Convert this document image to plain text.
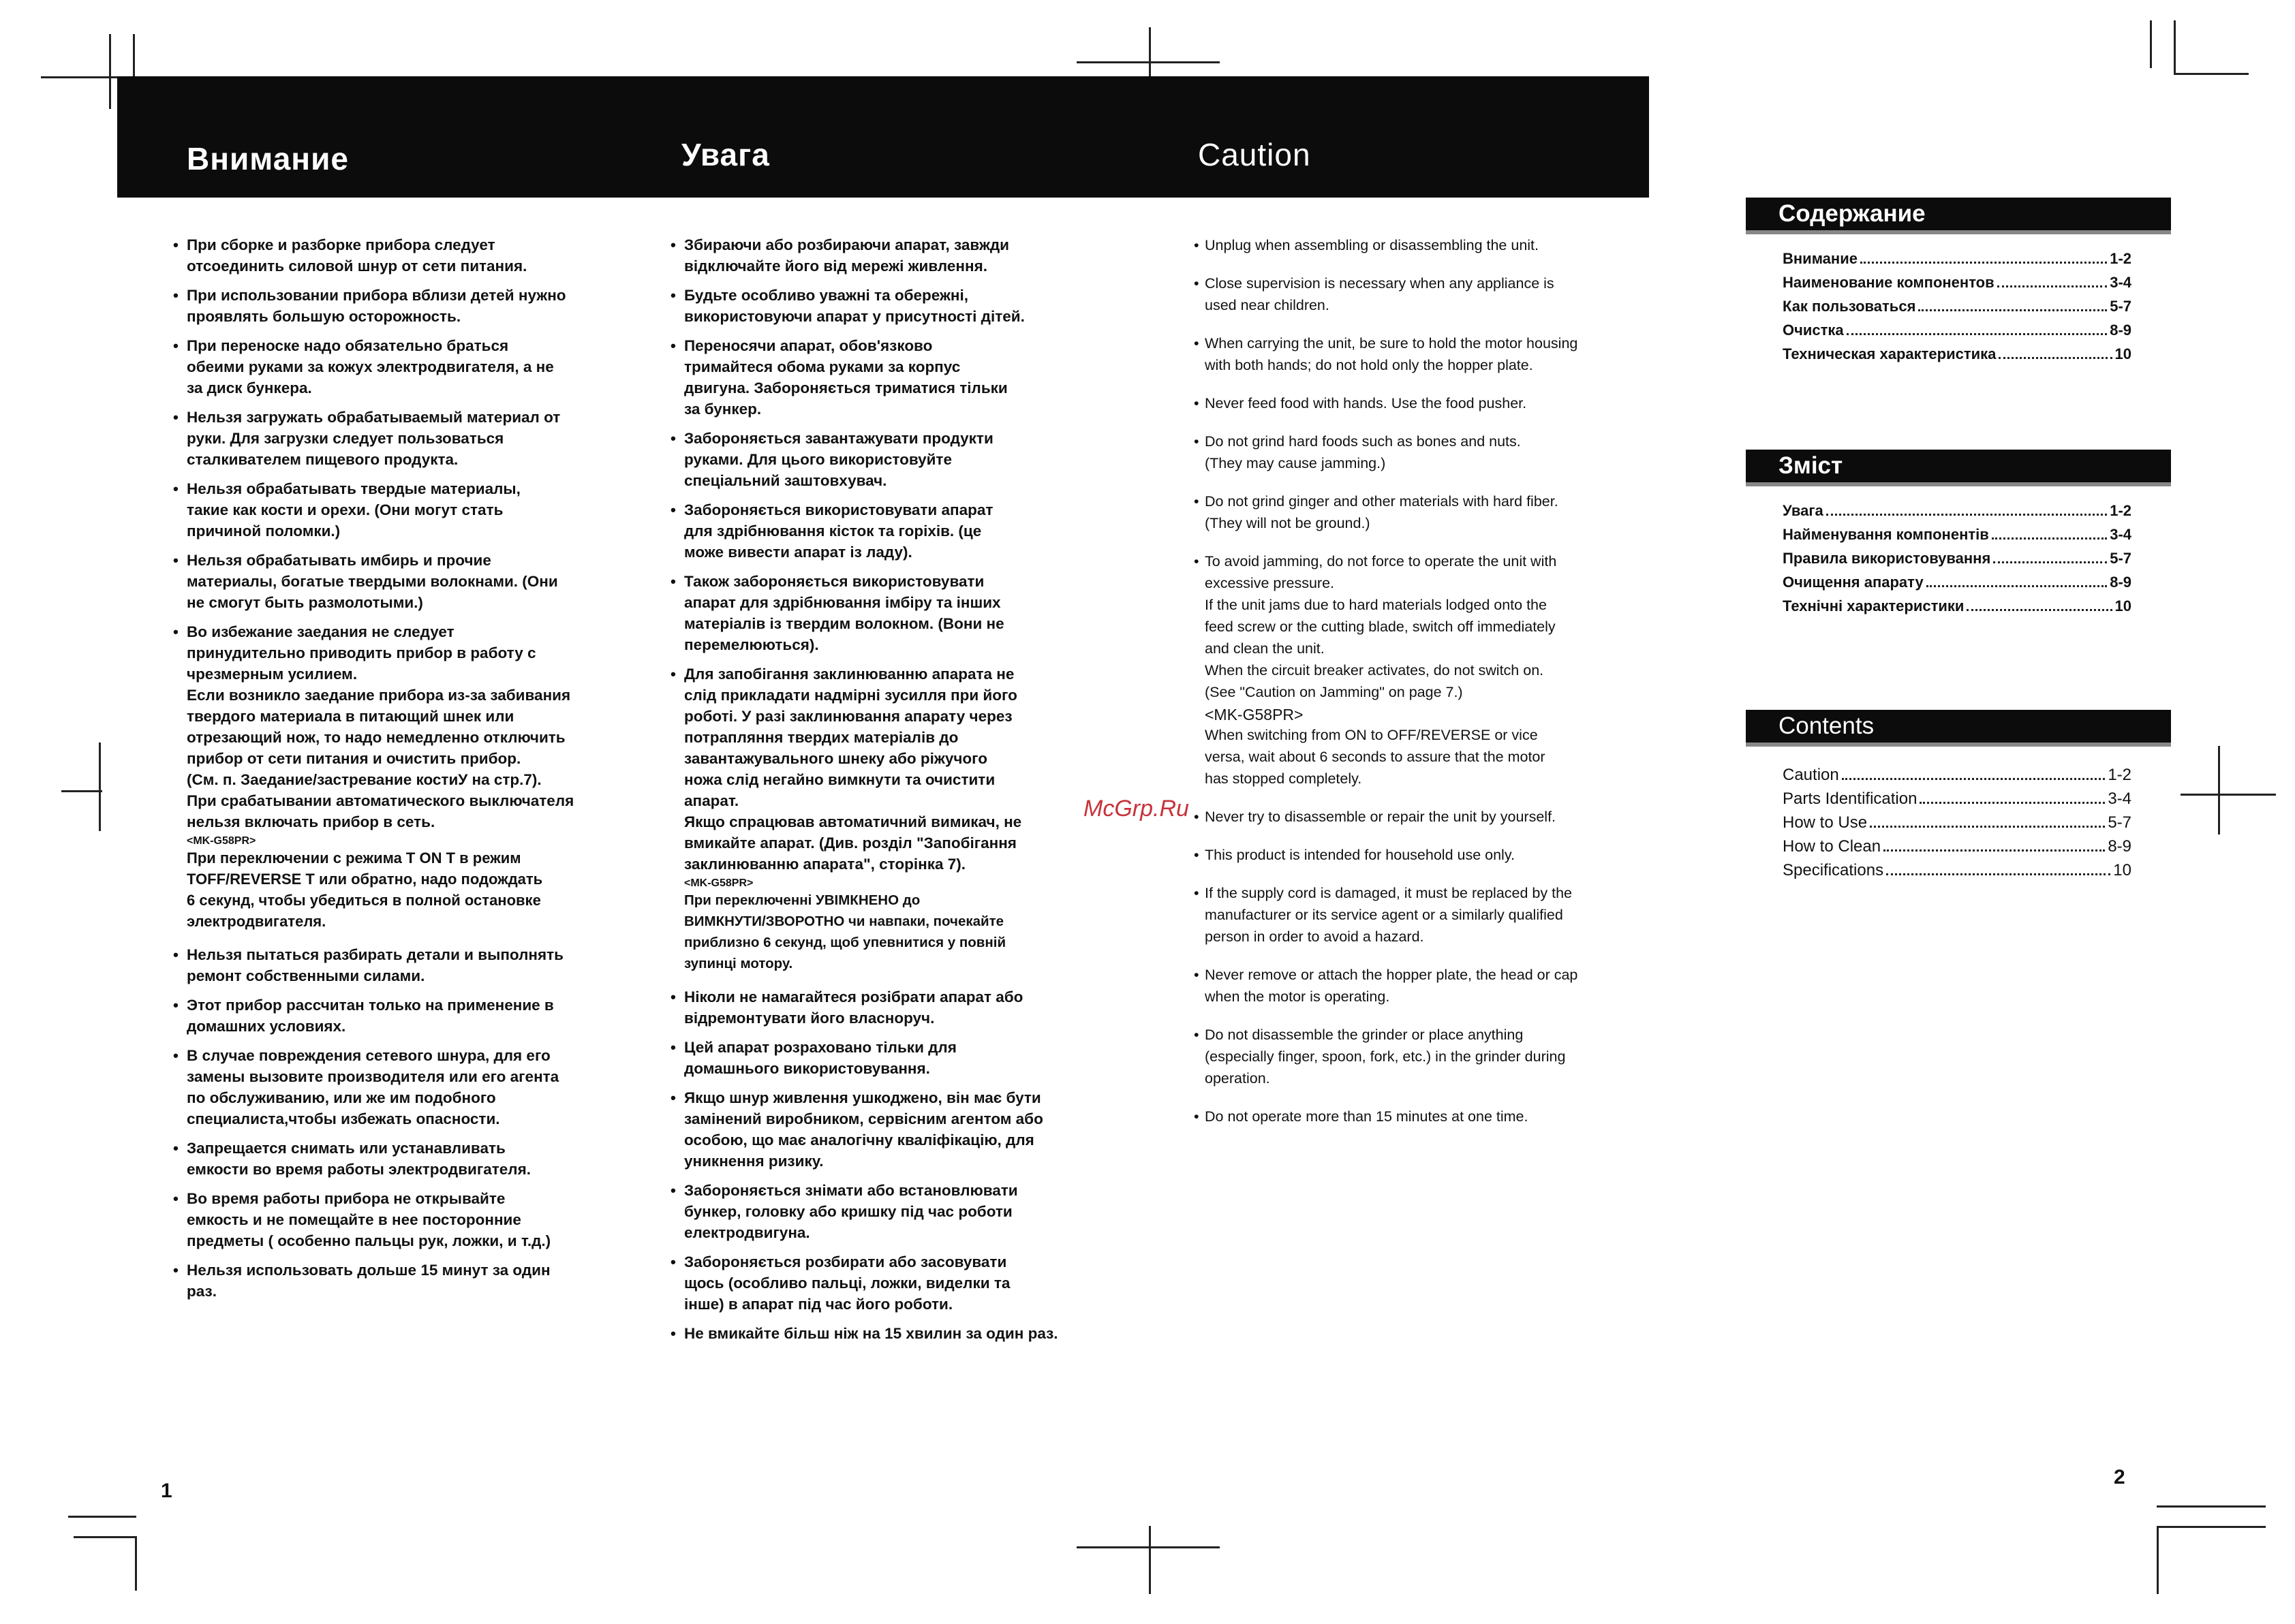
Внимание	Увага	Caution
• При сборке и разборке прибора следует
отсоединить силовой шнур от сети питания.
• При использовании прибора вблизи детей нужно
проявлять большую осторожность.
• При переноске надо обязательно браться
обеими руками за кожух электродвигателя, а не
за диск бункера.
• Нельзя загружать обрабатываемый материал от
руки. Для загрузки следует пользоваться
сталкивателем пищевого продукта.
• Нельзя обрабатывать твердые материалы,
такие как кости и орехи. (Они могут стать
причиной поломки.)
• Нельзя обрабатывать имбирь и прочие
материалы, богатые твердыми волокнами. (Они
не смогут быть размолотыми.)
• Во избежание заедания не следует
принудительно приводить прибор в работу с
чрезмерным усилием.
Если возникло заедание прибора из-за забивания
твердого материала в питающий шнек или
отрезающий нож, то надо немедленно отключить
прибор от сети питания и очистить прибор.
(См. п. Заедание/застревание костиУ на стр.7).
При срабатывании автоматического выключателя
нельзя включать прибор в сеть.
<MK-G58PR>
При переключении с режима T ON T в режим
TOFF/REVERSE T или обратно, надо подождать
6 секунд, чтобы убедиться в полной остановке
электродвигателя.
• Нельзя пытаться разбирать детали и выполнять
ремонт собственными силами.
• Этот прибор рассчитан только на применение в
домашних условиях.
• В случае повреждения сетевого шнура, для его
замены вызовите производителя или его агента
по обслуживанию, или же им подобного
специалиста,чтобы избежать опасности.
• Запрещается снимать или устанавливать
емкости во время работы электродвигателя.
• Во время работы прибора не открывайте
емкость и не помещайте в нее посторонние
предметы ( особенно пальцы рук, ложки, и т.д.)
• Нельзя использовать дольше 15 минут за один
раз.
• Збираючи або розбираючи апарат, завжди
відключайте його від мережі живлення.
• Будьте особливо уважні та обережні,
використовуючи апарат у присутності дітей.
• Переносячи апарат, обов'язково
тримайтеся обома руками за корпус
двигуна. Забороняється триматися тільки
за бункер.
• Забороняється завантажувати продукти
руками. Для цього використовуйте
спеціальний заштовхувач.
• Забороняється використовувати апарат
для здрібнювання кісток та горіхів. (це
може вивести апарат із ладу).
• Також забороняється використовувати
апарат для здрібнювання імбіру та інших
матеріалів із твердим волокном. (Вони не
перемелюються).
• Для запобігання заклинюванню апарата не
слід прикладати надмірні зусилля при його
роботі. У разі заклинювання апарату через
потрапляння твердих матеріалів до
завантажувального шнеку або ріжучого
ножа слід негайно вимкнути та очистити
апарат.
Якщо спрацював автоматичний вимикач, не
вмикайте апарат. (Див. розділ "Запобігання
заклинюванню апарата", сторінка 7).
<MK-G58PR>
При переключенні УВІМКНЕНО до
ВИМКНУТИ/ЗВОРОТНО чи навпаки, почекайте
приблизно 6 секунд, щоб упевнитися у повній
зупинці мотору.
• Ніколи не намагайтеся розібрати апарат або
відремонтувати його власноруч.
• Цей апарат розраховано тільки для
домашнього використовування.
• Якщо шнур живлення ушкоджено, він має бути
замінений виробником, сервісним агентом або
особою, що має аналогічну кваліфікацію, для
уникнення ризику.
• Забороняється знімати або встановлювати
бункер, головку або кришку під час роботи
електродвигуна.
• Забороняється розбирати або засовувати
щось (особливо пальці, ложки, виделки та
інше) в апарат під час його роботи.
• Не вмикайте більш ніж на 15 хвилин за один раз.
• Unplug when assembling or disassembling the unit.
• Close supervision is necessary when any appliance is
used near children.
• When carrying the unit, be sure to hold the motor housing
with both hands; do not hold only the hopper plate.
• Never feed food with hands. Use the food pusher.
• Do not grind hard foods such as bones and nuts.
(They may cause jamming.)
• Do not grind ginger and other materials with hard fiber.
(They will not be ground.)
• To avoid jamming, do not force to operate the unit with
excessive pressure.
If the unit jams due to hard materials lodged onto the
feed screw or the cutting blade, switch off immediately
and clean the unit.
When the circuit breaker activates, do not switch on.
(See "Caution on Jamming" on page 7.)
<MK-G58PR>
When switching from ON to OFF/REVERSE or vice
versa, wait about 6 seconds to assure that the motor
has stopped completely.
• Never try to disassemble or repair the unit by yourself.
• This product is intended for household use only.
• If the supply cord is damaged, it must be replaced by the
manufacturer or its service agent or a similarly qualified
person in order to avoid a hazard.
• Never remove or attach the hopper plate, the head or cap
when the motor is operating.
• Do not disassemble the grinder or place anything
(especially finger, spoon, fork, etc.) in the grinder during
operation.
• Do not operate more than 15 minutes at one time.
Содержание
Внимание	1-2
Наименование компонентов	3-4
Как пользоваться	5-7
Очистка	8-9
Техническая характеристика	10
Зміст
Увага	1-2
Найменування компонентів	3-4
Правила використовування	5-7
Очищення апарату	8-9
Технічні характеристики	10
Contents
Caution	1-2
Parts Identification	3-4
How to Use	5-7
How to Clean	8-9
Specifications	10
McGrp.Ru
1
2
